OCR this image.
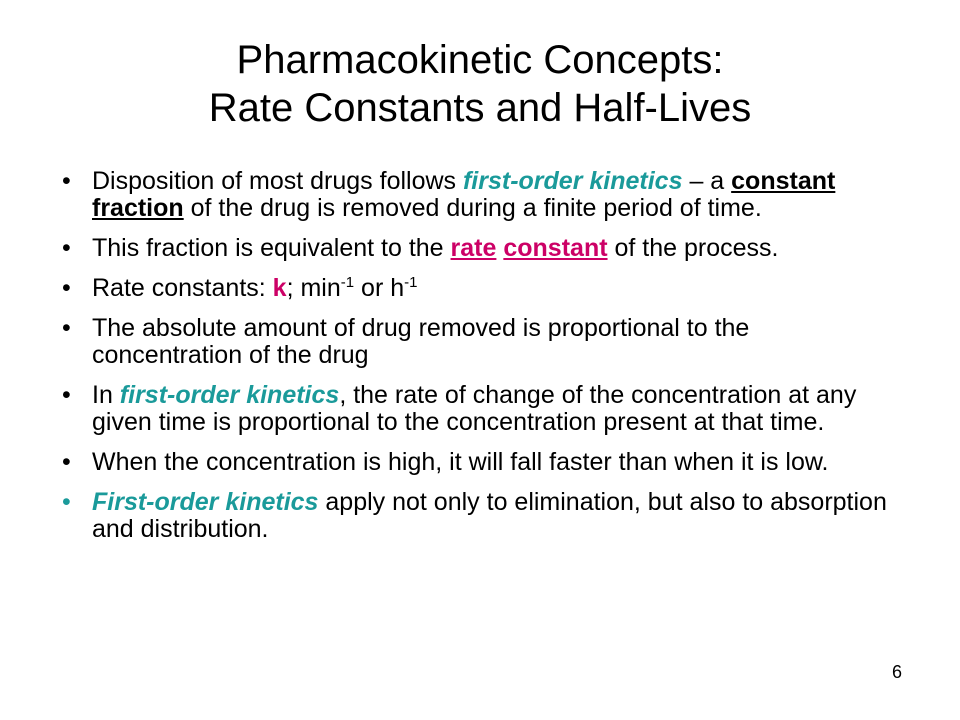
Pharmacokinetic Concepts:
Rate Constants and Half-Lives
• Disposition of most drugs follows first-order kinetics – a constant fraction of the drug is removed during a finite period of time.
• This fraction is equivalent to the rate constant of the process.
• Rate constants: k; $\min^{-1}$ or $h^{-1}$
• The absolute amount of drug removed is proportional to the concentration of the drug
• In first-order kinetics, the rate of change of the concentration at any given time is proportional to the concentration present at that time.
• When the concentration is high, it will fall faster than when it is low.
• First-order kinetics apply not only to elimination, but also to absorption and distribution.
6
